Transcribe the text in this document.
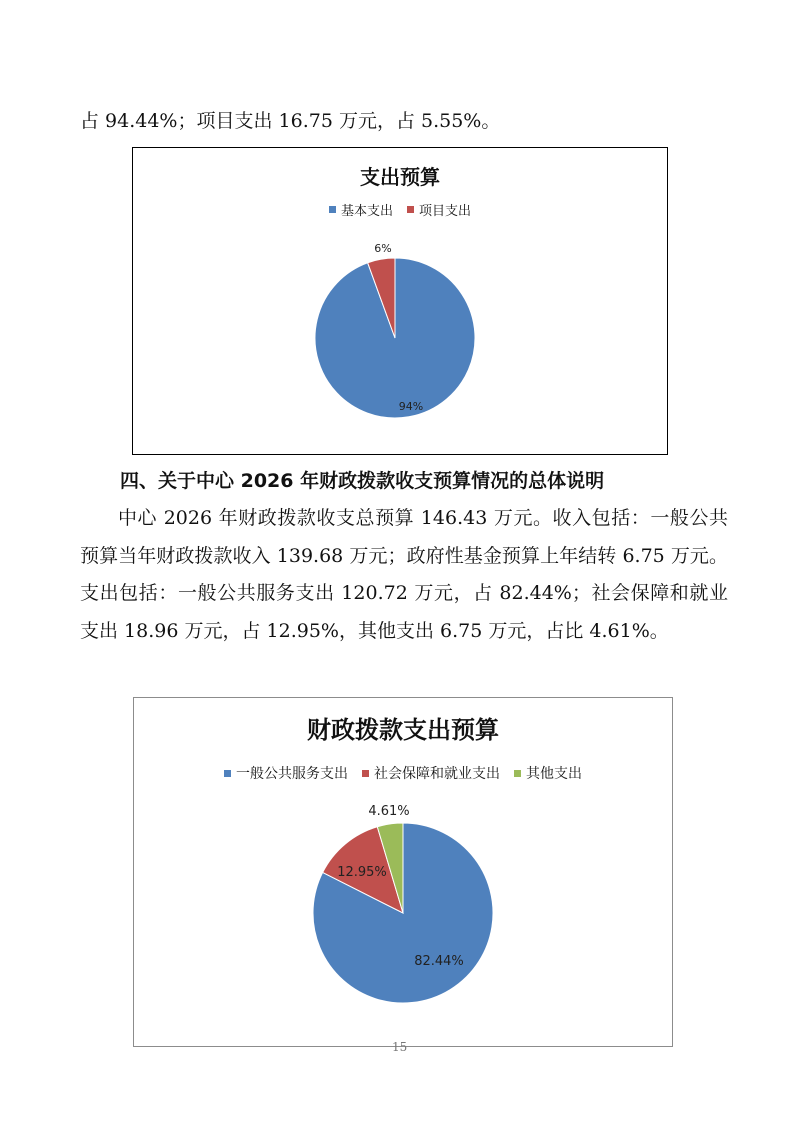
占 94.44%；项目支出 16.75 万元，占 5.55%。
支出预算
基本支出 项目支出
94%
6%
四、关于中心 2026 年财政拨款收支预算情况的总体说明
中心 2026 年财政拨款收支总预算 146.43 万元。收入包括：一般公共预算当年财政拨款收入 139.68 万元；政府性基金预算上年结转 6.75 万元。支出包括：一般公共服务支出 120.72 万元，占 82.44%；社会保障和就业支出 18.96 万元，占 12.95%，其他支出 6.75 万元，占比 4.61%。
财政拨款支出预算
一般公共服务支出 社会保障和就业支出 其他支出
82.44%
12.95%
4.61%
15
